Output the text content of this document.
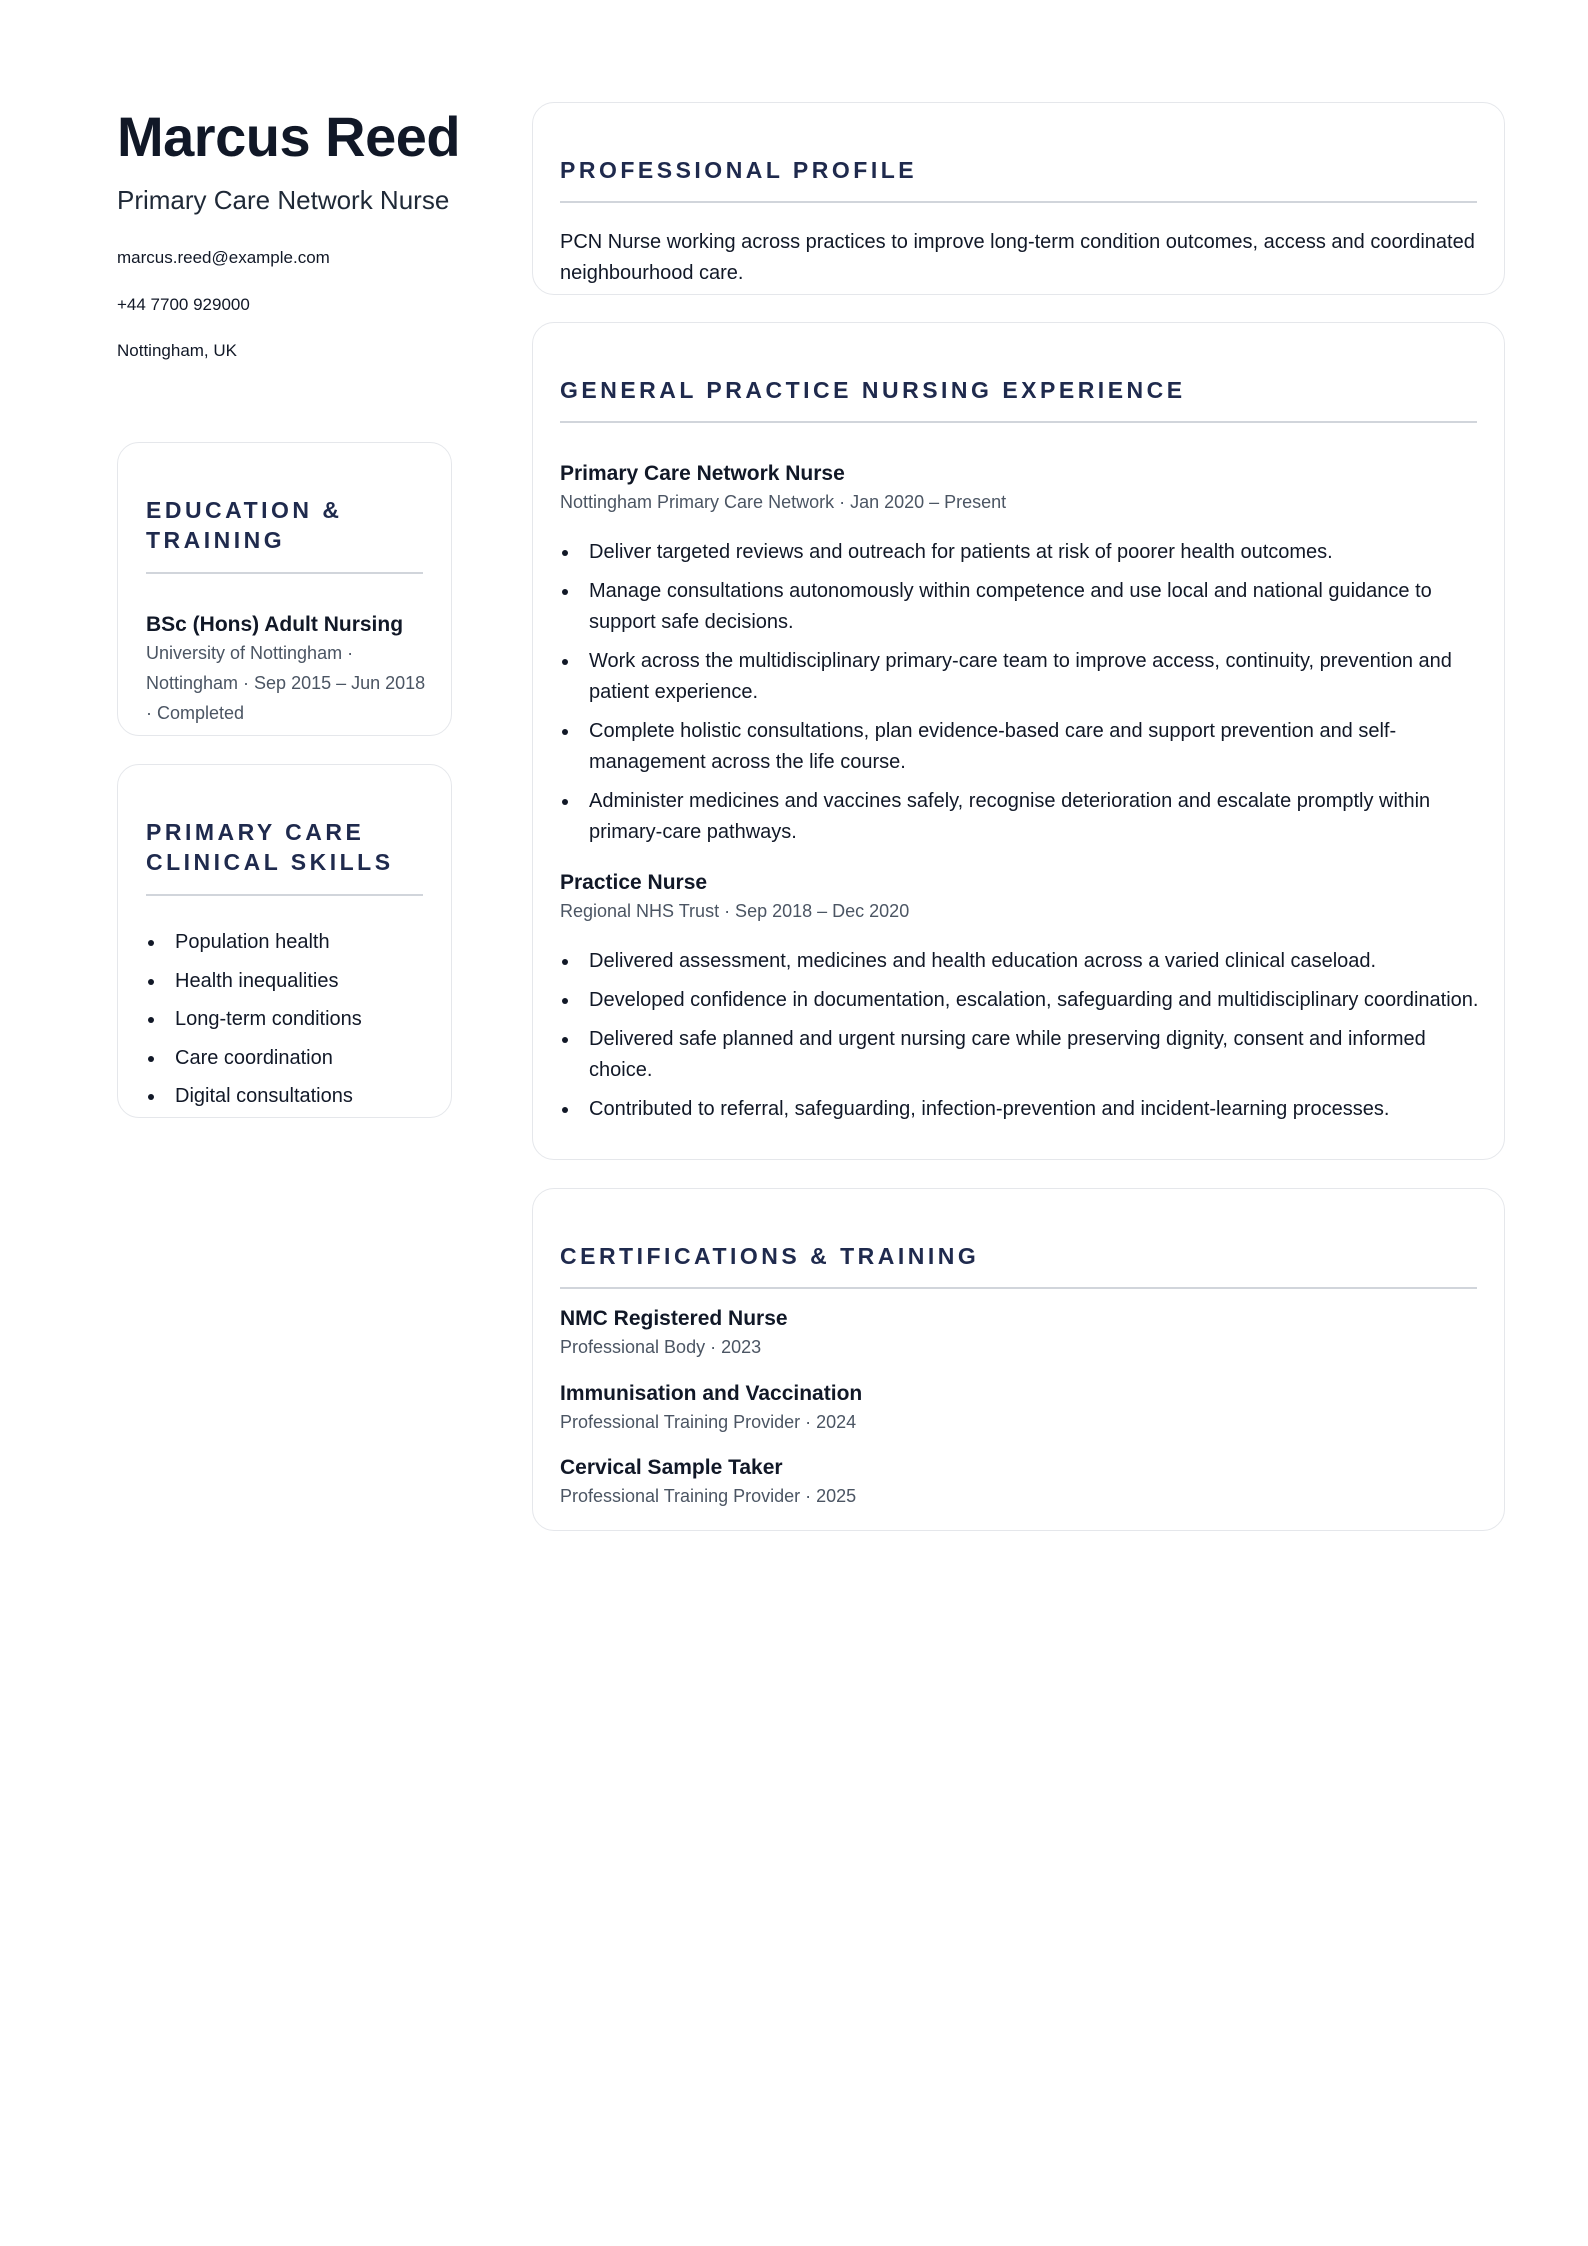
Marcus Reed
Primary Care Network Nurse
marcus.reed@example.com
+44 7700 929000
Nottingham, UK
EDUCATION &
TRAINING
BSc (Hons) Adult Nursing
University of Nottingham ·
Nottingham · Sep 2015 – Jun 2018
· Completed
PRIMARY CARE
CLINICAL SKILLS
Population health
Health inequalities
Long-term conditions
Care coordination
Digital consultations
PROFESSIONAL PROFILE
PCN Nurse working across practices to improve long-term condition outcomes, access and coordinated neighbourhood care.
GENERAL PRACTICE NURSING EXPERIENCE
Primary Care Network Nurse
Nottingham Primary Care Network · Jan 2020 – Present
Deliver targeted reviews and outreach for patients at risk of poorer health outcomes.
Manage consultations autonomously within competence and use local and national guidance to support safe decisions.
Work across the multidisciplinary primary-care team to improve access, continuity, prevention and patient experience.
Complete holistic consultations, plan evidence-based care and support prevention and self-management across the life course.
Administer medicines and vaccines safely, recognise deterioration and escalate promptly within primary-care pathways.
Practice Nurse
Regional NHS Trust · Sep 2018 – Dec 2020
Delivered assessment, medicines and health education across a varied clinical caseload.
Developed confidence in documentation, escalation, safeguarding and multidisciplinary coordination.
Delivered safe planned and urgent nursing care while preserving dignity, consent and informed choice.
Contributed to referral, safeguarding, infection-prevention and incident-learning processes.
CERTIFICATIONS & TRAINING
NMC Registered Nurse
Professional Body · 2023
Immunisation and Vaccination
Professional Training Provider · 2024
Cervical Sample Taker
Professional Training Provider · 2025
